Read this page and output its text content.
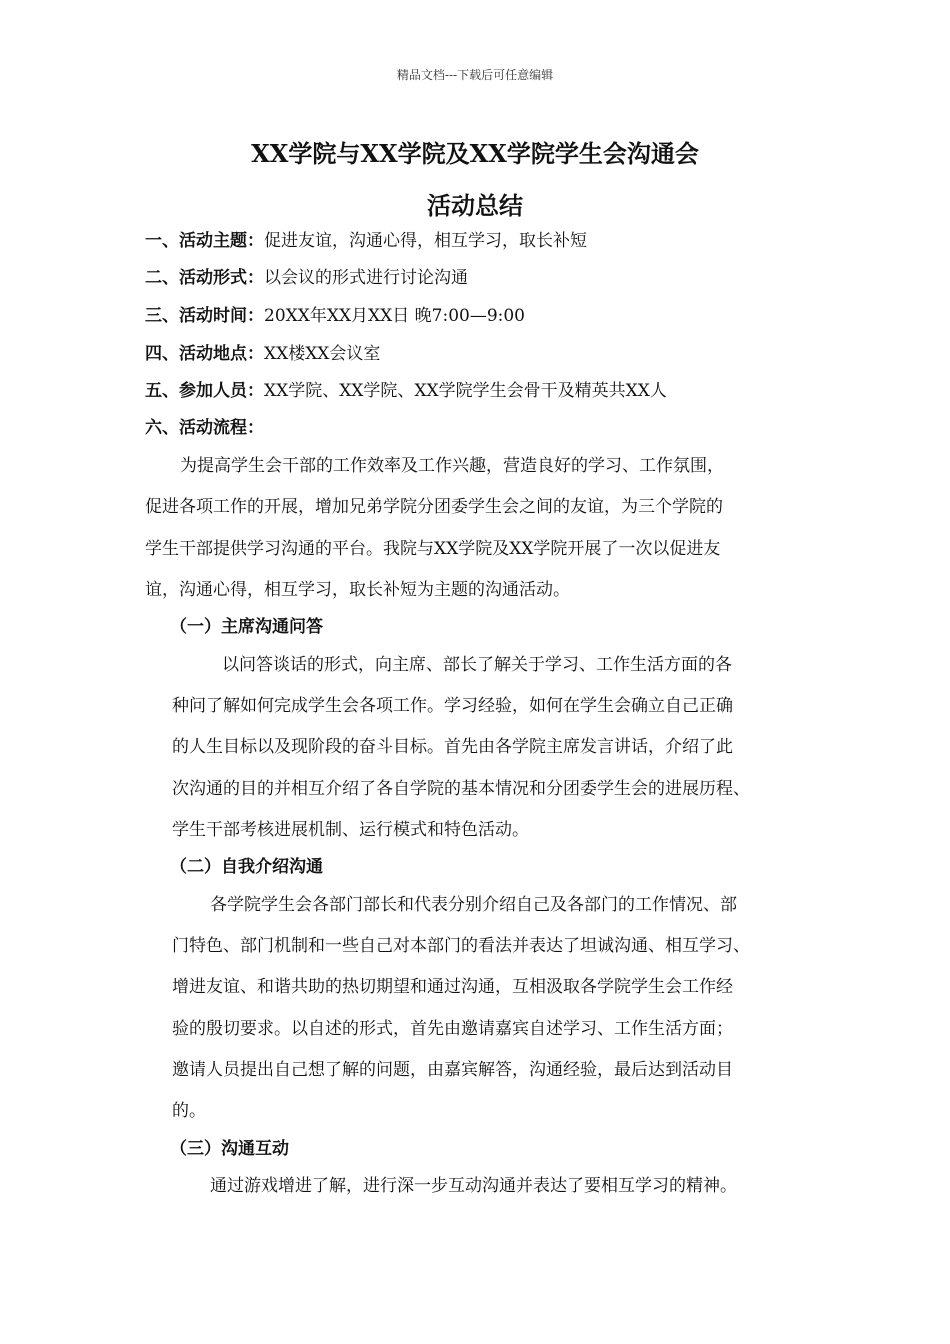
精品文档---下载后可任意编辑
XX学院与XX学院及XX学院学生会沟通会
活动总结
一、活动主题：促进友谊，沟通心得，相互学习，取长补短
二、活动形式：以会议的形式进行讨论沟通
三、活动时间：20XX年XX月XX日 晚7:00—9:00
四、活动地点：XX楼XX会议室
五、参加人员：XX学院、XX学院、XX学院学生会骨干及精英共XX人
六、活动流程：
为提高学生会干部的工作效率及工作兴趣，营造良好的学习、工作氛围，
促进各项工作的开展，增加兄弟学院分团委学生会之间的友谊，为三个学院的
学生干部提供学习沟通的平台。我院与XX学院及XX学院开展了一次以促进友
谊，沟通心得，相互学习，取长补短为主题的沟通活动。
（一）主席沟通问答
以问答谈话的形式，向主席、部长了解关于学习、工作生活方面的各
种问了解如何完成学生会各项工作。学习经验，如何在学生会确立自己正确
的人生目标以及现阶段的奋斗目标。首先由各学院主席发言讲话，介绍了此
次沟通的目的并相互介绍了各自学院的基本情况和分团委学生会的进展历程、
学生干部考核进展机制、运行模式和特色活动。
（二）自我介绍沟通
各学院学生会各部门部长和代表分别介绍自己及各部门的工作情况、部
门特色、部门机制和一些自己对本部门的看法并表达了坦诚沟通、相互学习、
增进友谊、和谐共助的热切期望和通过沟通，互相汲取各学院学生会工作经
验的殷切要求。以自述的形式，首先由邀请嘉宾自述学习、工作生活方面；
邀请人员提出自己想了解的问题，由嘉宾解答，沟通经验，最后达到活动目
的。
（三）沟通互动
通过游戏增进了解，进行深一步互动沟通并表达了要相互学习的精神。
